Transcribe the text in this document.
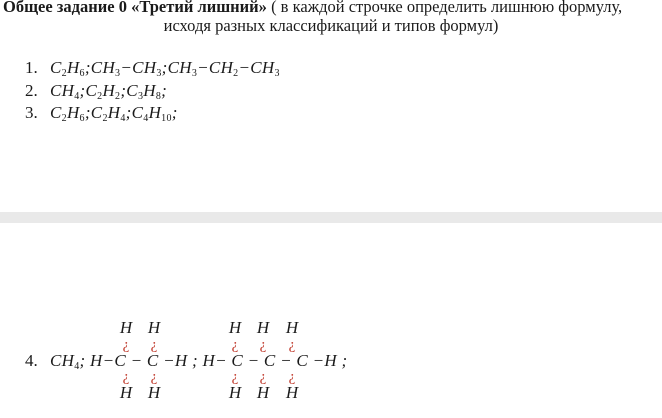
Общее задание 0 «Третий лишний» ( в каждой строчке определить лишнюю формулу,
исходя разных классификаций и типов формул)
1. $C_2H_6;CH_3-CH_3;CH_3-CH_2-CH_3$
2. $CH_4;C_2H_2;C_3H_8$;
3. $C_2H_6;C_2H_4;C_4H_{10}$;
4. $CH_4$; H−C − C −H ; H− C − C − C −H ;
H H	H H H
¿	¿	¿	¿	¿
¿	¿	¿	¿	¿
H H	H H H
